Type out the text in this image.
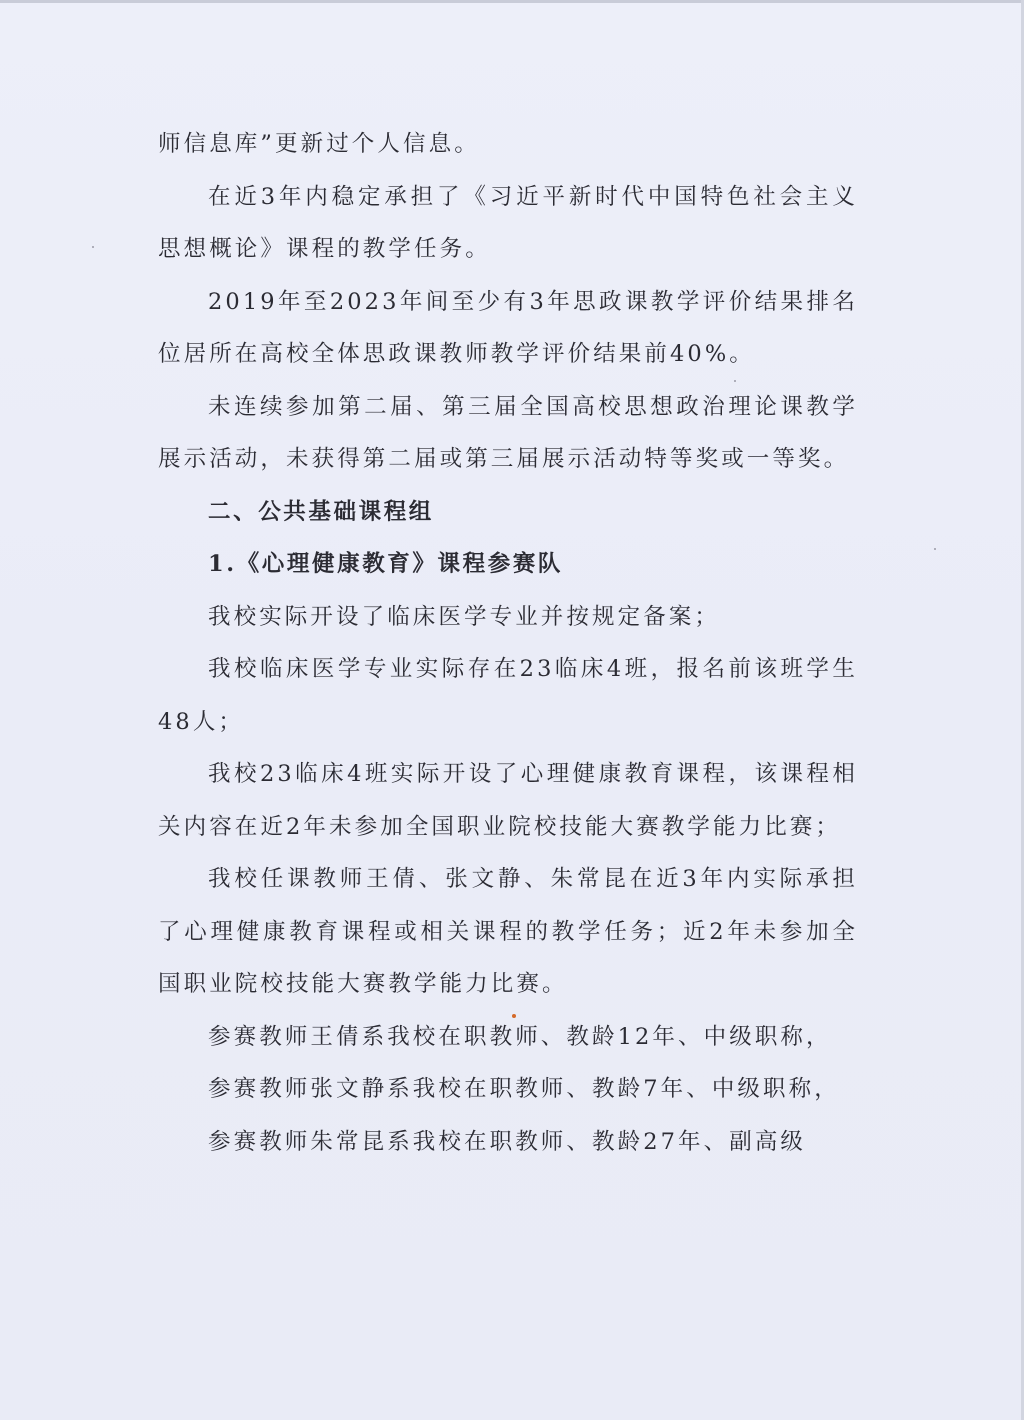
师信息库”更新过个人信息。

在近3年内稳定承担了《习近平新时代中国特色社会主义思想概论》课程的教学任务。

2019年至2023年间至少有3年思政课教学评价结果排名位居所在高校全体思政课教师教学评价结果前40%。

未连续参加第二届、第三届全国高校思想政治理论课教学展示活动，未获得第二届或第三届展示活动特等奖或一等奖。

二、公共基础课程组

1.《心理健康教育》课程参赛队

我校实际开设了临床医学专业并按规定备案；

我校临床医学专业实际存在23临床4班，报名前该班学生48人；

我校23临床4班实际开设了心理健康教育课程，该课程相关内容在近2年未参加全国职业院校技能大赛教学能力比赛；

我校任课教师王倩、张文静、朱常昆在近3年内实际承担了心理健康教育课程或相关课程的教学任务；近2年未参加全国职业院校技能大赛教学能力比赛。

参赛教师王倩系我校在职教师、教龄12年、中级职称，

参赛教师张文静系我校在职教师、教龄7年、中级职称，

参赛教师朱常昆系我校在职教师、教龄27年、副高级
